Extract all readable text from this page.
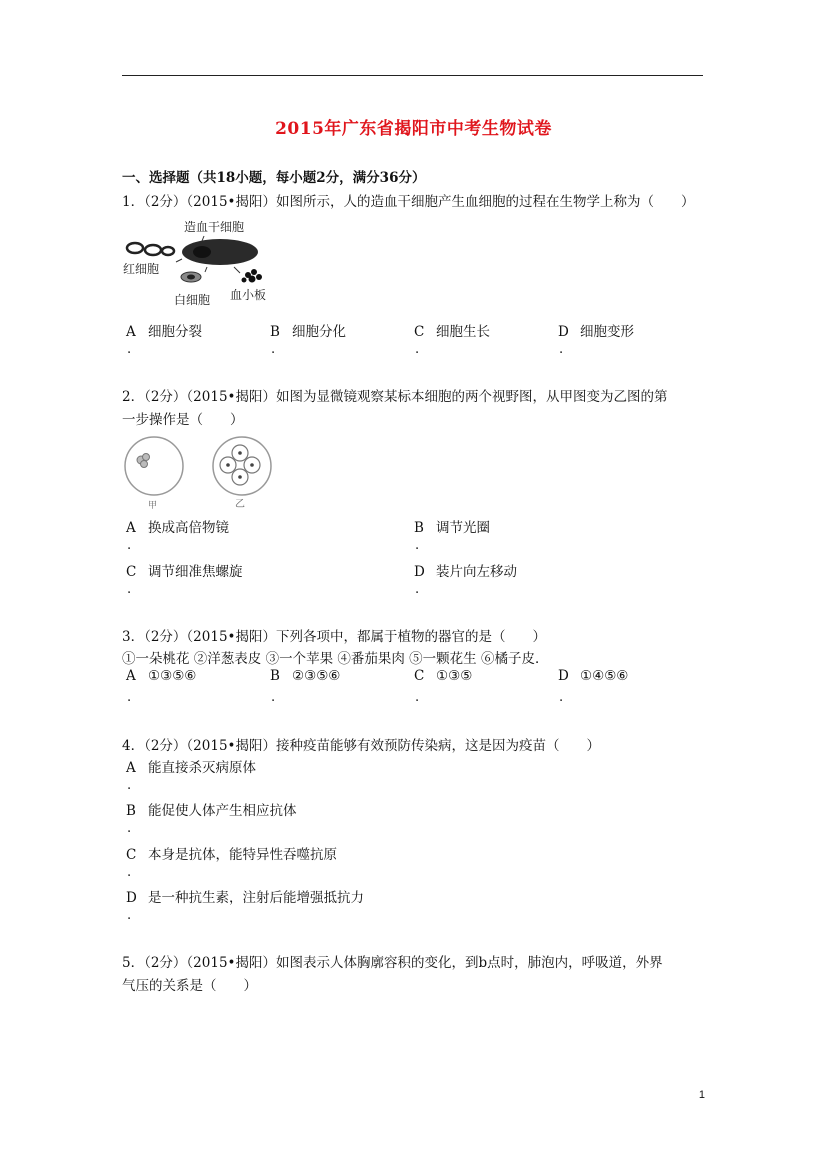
2015年广东省揭阳市中考生物试卷
一、选择题（共18小题，每小题2分，满分36分）
1．（2分）（2015•揭阳）如图所示，人的造血干细胞产生血细胞的过程在生物学上称为（　　）
造血干细胞
红细胞
白细胞 血小板
A 细胞分裂	B 细胞分化	C 细胞生长	D 细胞变形
.	.	.	.
2．（2分）（2015•揭阳）如图为显微镜观察某标本细胞的两个视野图，从甲图变为乙图的第
一步操作是（　　）
甲	乙
A 换成高倍物镜	B 调节光圈
.	.
C 调节细准焦螺旋	D 装片向左移动
.	.
3．（2分）（2015•揭阳）下列各项中，都属于植物的器官的是（　　）
①一朵桃花 ②洋葱表皮 ③一个苹果 ④番茄果肉 ⑤一颗花生 ⑥橘子皮．
A ①③⑤⑥	B ②③⑤⑥	C ①③⑤	D ①④⑤⑥
.	.	.	.
4．（2分）（2015•揭阳）接种疫苗能够有效预防传染病，这是因为疫苗（　　）
A 能直接杀灭病原体
.
B 能促使人体产生相应抗体
.
C 本身是抗体，能特异性吞噬抗原
.
D 是一种抗生素，注射后能增强抵抗力
.
5．（2分）（2015•揭阳）如图表示人体胸廓容积的变化，到b点时，肺泡内，呼吸道，外界
气压的关系是（　　）
1
